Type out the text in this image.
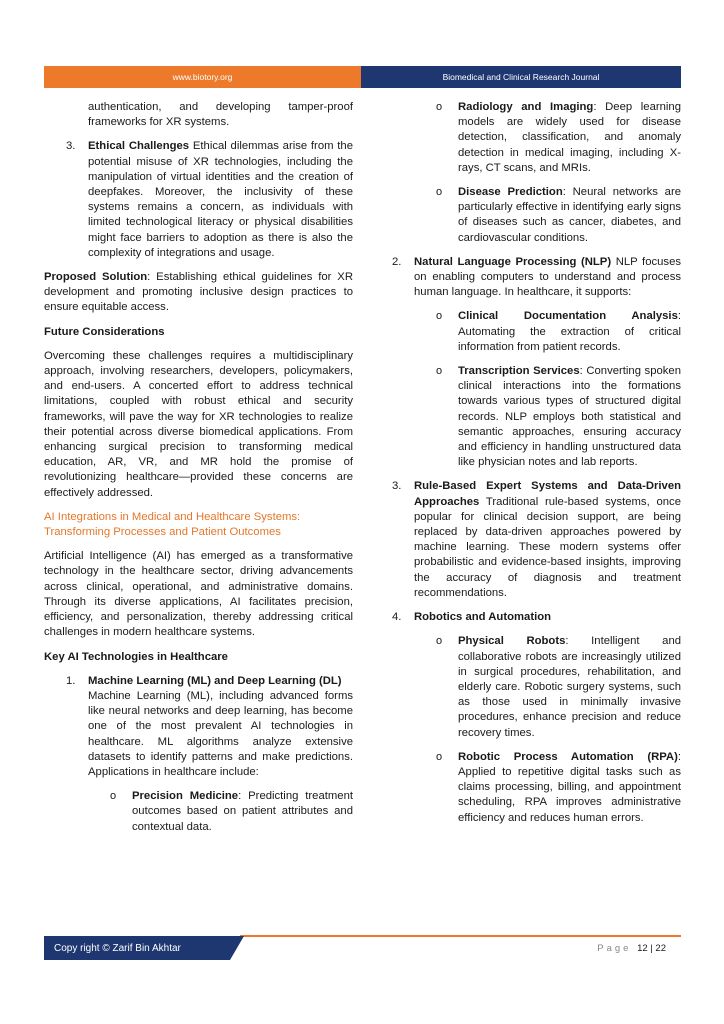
www.biotory.org	Biomedical and Clinical Research Journal

authentication, and developing tamper-proof frameworks for XR systems.

3. Ethical Challenges Ethical dilemmas arise from the potential misuse of XR technologies, including the manipulation of virtual identities and the creation of deepfakes. Moreover, the inclusivity of these systems remains a concern, as individuals with limited technological literacy or physical disabilities might face barriers to adoption as there is also the complexity of integrations and usage.

Proposed Solution: Establishing ethical guidelines for XR development and promoting inclusive design practices to ensure equitable access.

Future Considerations

Overcoming these challenges requires a multidisciplinary approach, involving researchers, developers, policymakers, and end-users. A concerted effort to address technical limitations, coupled with robust ethical and security frameworks, will pave the way for XR technologies to realize their potential across diverse biomedical applications. From enhancing surgical precision to transforming medical education, AR, VR, and MR hold the promise of revolutionizing healthcare—provided these concerns are effectively addressed.

AI Integrations in Medical and Healthcare Systems: Transforming Processes and Patient Outcomes

Artificial Intelligence (AI) has emerged as a transformative technology in the healthcare sector, driving advancements across clinical, operational, and administrative domains. Through its diverse applications, AI facilitates precision, efficiency, and personalization, thereby addressing critical challenges in modern healthcare systems.

Key AI Technologies in Healthcare

1. Machine Learning (ML) and Deep Learning (DL)

Machine Learning (ML), including advanced forms like neural networks and deep learning, has become one of the most prevalent AI technologies in healthcare. ML algorithms analyze extensive datasets to identify patterns and make predictions. Applications in healthcare include:

o Precision Medicine: Predicting treatment outcomes based on patient attributes and contextual data.

o Radiology and Imaging: Deep learning models are widely used for disease detection, classification, and anomaly detection in medical imaging, including X-rays, CT scans, and MRIs.

o Disease Prediction: Neural networks are particularly effective in identifying early signs of diseases such as cancer, diabetes, and cardiovascular conditions.

2. Natural Language Processing (NLP) NLP focuses on enabling computers to understand and process human language. In healthcare, it supports:

o Clinical Documentation Analysis: Automating the extraction of critical information from patient records.

o Transcription Services: Converting spoken clinical interactions into the formations towards various types of structured digital records. NLP employs both statistical and semantic approaches, ensuring accuracy and efficiency in handling unstructured data like physician notes and lab reports.

3. Rule-Based Expert Systems and Data-Driven Approaches Traditional rule-based systems, once popular for clinical decision support, are being replaced by data-driven approaches powered by machine learning. These modern systems offer probabilistic and evidence-based insights, improving the accuracy of diagnosis and treatment recommendations.

4. Robotics and Automation

o Physical Robots: Intelligent and collaborative robots are increasingly utilized in surgical procedures, rehabilitation, and elderly care. Robotic surgery systems, such as those used in minimally invasive procedures, enhance precision and reduce recovery times.

o Robotic Process Automation (RPA): Applied to repetitive digital tasks such as claims processing, billing, and appointment scheduling, RPA improves administrative efficiency and reduces human errors.

Copy right © Zarif Bin Akhtar	Page 12 | 22
